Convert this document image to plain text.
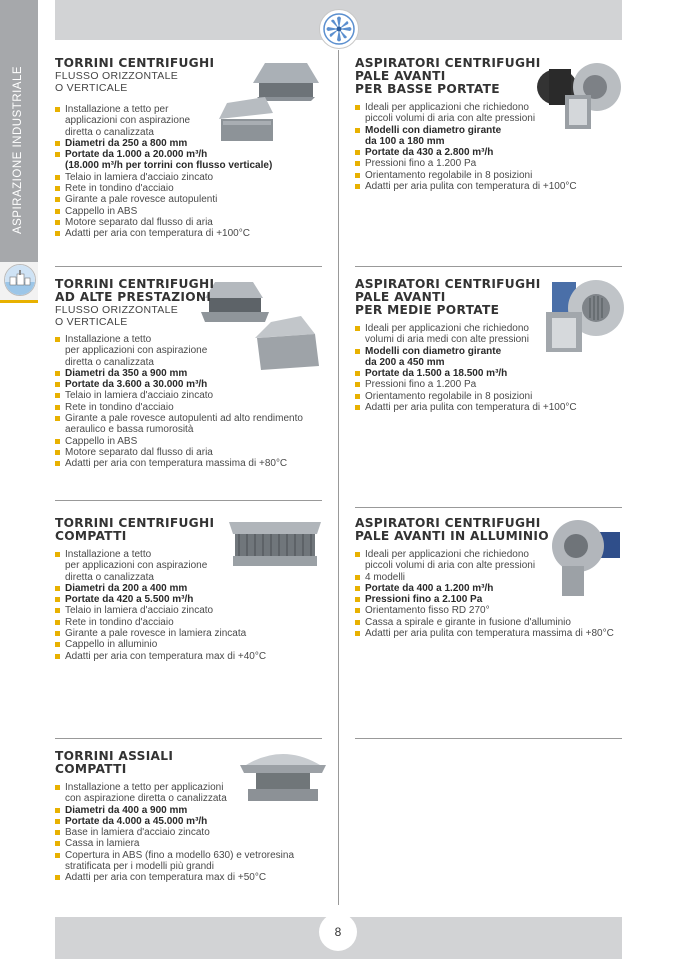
ASPIRAZIONE INDUSTRIALE
8
TORRINI CENTRIFUGHI
FLUSSO ORIZZONTALE
O VERTICALE
Installazione a tetto per
applicazioni con aspirazione
diretta o canalizzata
Diametri da 250 a 800 mm
Portate da 1.000 a 20.000 m³/h
(18.000 m³/h per torrini con flusso verticale)
Telaio in lamiera d'acciaio zincato
Rete in tondino d'acciaio
Girante a pale rovesce autopulenti
Cappello in ABS
Motore separato dal flusso di aria
Adatti per aria con temperatura di +100°C
TORRINI CENTRIFUGHI
AD ALTE PRESTAZIONI
FLUSSO ORIZZONTALE
O VERTICALE
Installazione a tetto
per applicazioni con aspirazione
diretta o canalizzata
Diametri da 350 a 900 mm
Portate da 3.600 a 30.000 m³/h
Telaio in lamiera d'acciaio zincato
Rete in tondino d'acciaio
Girante a pale rovesce autopulenti ad alto rendimento
aeraulico e bassa rumorosità
Cappello in ABS
Motore separato dal flusso di aria
Adatti per aria con temperatura massima di +80°C
TORRINI CENTRIFUGHI
COMPATTI
Installazione a tetto
per applicazioni con aspirazione
diretta o canalizzata
Diametri da 200 a 400 mm
Portate da 420 a 5.500 m³/h
Telaio in lamiera d'acciaio zincato
Rete in tondino d'acciaio
Girante a pale rovesce in lamiera zincata
Cappello in alluminio
Adatti per aria con temperatura max di +40°C
TORRINI ASSIALI
COMPATTI
Installazione a tetto per applicazioni
con aspirazione diretta o canalizzata
Diametri da 400 a 900 mm
Portate da 4.000 a 45.000 m³/h
Base in lamiera d'acciaio zincato
Cassa in lamiera
Copertura in ABS (fino a modello 630) e vetroresina
stratificata per i modelli più grandi
Adatti per aria con temperatura max di +50°C
ASPIRATORI CENTRIFUGHI
PALE AVANTI
PER BASSE PORTATE
Ideali per applicazioni che richiedono
piccoli volumi di aria con alte pressioni
Modelli con diametro girante
da 100 a 180 mm
Portate da 430 a 2.800 m³/h
Pressioni fino a 1.200 Pa
Orientamento regolabile in 8 posizioni
Adatti per aria pulita con temperatura di +100°C
ASPIRATORI CENTRIFUGHI
PALE AVANTI
PER MEDIE PORTATE
Ideali per applicazioni che richiedono
volumi di aria medi con alte pressioni
Modelli con diametro girante
da 200 a 450 mm
Portate da 1.500 a 18.500 m³/h
Pressioni fino a 1.200 Pa
Orientamento regolabile in 8 posizioni
Adatti per aria pulita con temperatura di +100°C
ASPIRATORI CENTRIFUGHI
PALE AVANTI IN ALLUMINIO
Ideali per applicazioni che richiedono
piccoli volumi di aria con alte pressioni
4 modelli
Portate da 400 a 1.200 m³/h
Pressioni fino a 2.100 Pa
Orientamento fisso RD 270°
Cassa a spirale e girante in fusione d'alluminio
Adatti per aria pulita con temperatura massima di +80°C
